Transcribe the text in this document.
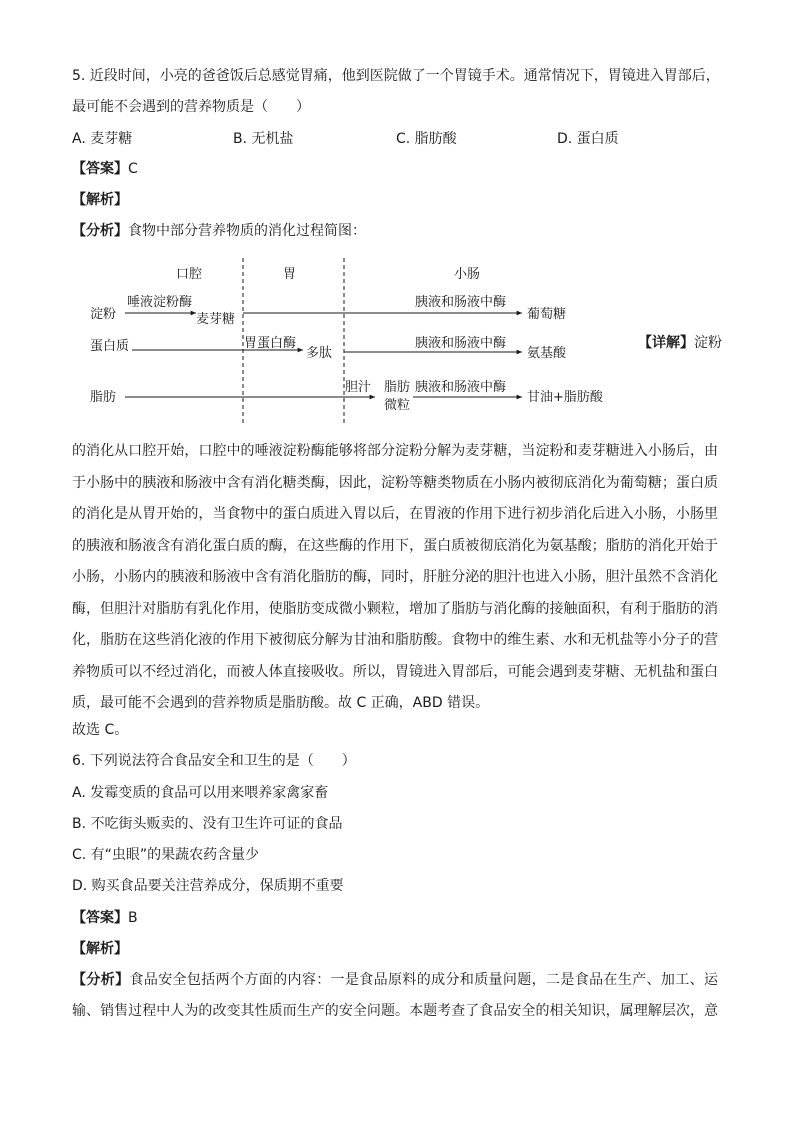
5. 近段时间，小亮的爸爸饭后总感觉胃痛，他到医院做了一个胃镜手术。通常情况下，胃镜进入胃部后，
最可能不会遇到的营养物质是（　　）
A. 麦芽糖	B. 无机盐	C. 脂肪酸	D. 蛋白质
【答案】C
【解析】
【分析】食物中部分营养物质的消化过程简图：
口腔	胃	小肠
淀粉
唾液淀粉酶
麦芽糖
胰液和肠液中酶
葡萄糖
蛋白质	胃蛋白酶
多肽
胰液和肠液中酶
氨基酸
脂肪
胆汁 脂肪
微粒
胰液和肠液中酶
甘油+脂肪酸
【详解】淀粉
的消化从口腔开始，口腔中的唾液淀粉酶能够将部分淀粉分解为麦芽糖，当淀粉和麦芽糖进入小肠后，由
于小肠中的胰液和肠液中含有消化糖类酶，因此，淀粉等糖类物质在小肠内被彻底消化为葡萄糖；蛋白质
的消化是从胃开始的，当食物中的蛋白质进入胃以后，在胃液的作用下进行初步消化后进入小肠，小肠里
的胰液和肠液含有消化蛋白质的酶，在这些酶的作用下，蛋白质被彻底消化为氨基酸；脂肪的消化开始于
小肠，小肠内的胰液和肠液中含有消化脂肪的酶，同时，肝脏分泌的胆汁也进入小肠，胆汁虽然不含消化
酶，但胆汁对脂肪有乳化作用，使脂肪变成微小颗粒，增加了脂肪与消化酶的接触面积，有利于脂肪的消
化，脂肪在这些消化液的作用下被彻底分解为甘油和脂肪酸。食物中的维生素、水和无机盐等小分子的营
养物质可以不经过消化，而被人体直接吸收。所以，胃镜进入胃部后，可能会遇到麦芽糖、无机盐和蛋白
质，最可能不会遇到的营养物质是脂肪酸。故 C 正确，ABD 错误。
故选 C。
6. 下列说法符合食品安全和卫生的是（　　）
A. 发霉变质的食品可以用来喂养家禽家畜
B. 不吃街头贩卖的、没有卫生许可证的食品
C. 有“虫眼”的果蔬农药含量少
D. 购买食品要关注营养成分，保质期不重要
【答案】B
【解析】
【分析】食品安全包括两个方面的内容：一是食品原料的成分和质量问题，二是食品在生产、加工、运
输、销售过程中人为的改变其性质而生产的安全问题。本题考查了食品安全的相关知识，属理解层次，意
